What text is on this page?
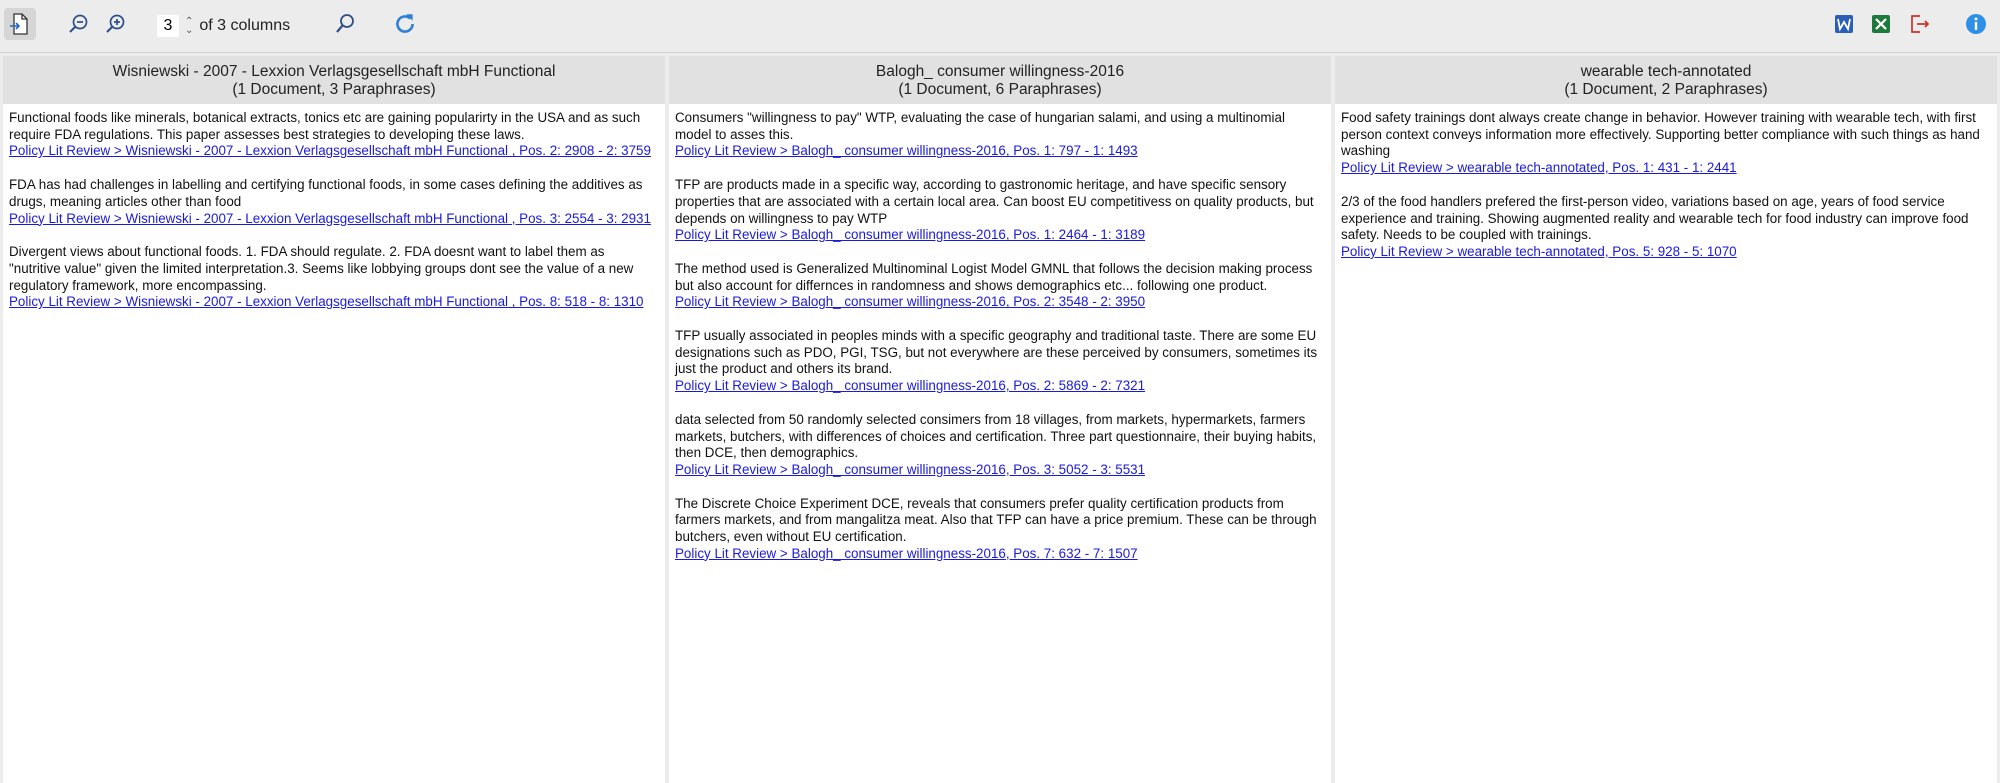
3
⌃
⌄ of 3 columns
Wisniewski - 2007 - Lexxion Verlagsgesellschaft mbH Functional
(1 Document, 3 Paraphrases)
Functional foods like minerals, botanical extracts, tonics etc are gaining popularirty in the USA and as such require FDA regulations. This paper assesses best strategies to developing these laws.
Policy Lit Review > Wisniewski - 2007 - Lexxion Verlagsgesellschaft mbH Functional , Pos. 2: 2908 - 2: 3759
FDA has had challenges in labelling and certifying functional foods, in some cases defining the additives as drugs, meaning articles other than food
Policy Lit Review > Wisniewski - 2007 - Lexxion Verlagsgesellschaft mbH Functional , Pos. 3: 2554 - 3: 2931
Divergent views about functional foods. 1. FDA should regulate. 2. FDA doesnt want to label them as "nutritive value" given the limited interpretation.3. Seems like lobbying groups dont see the value of a new regulatory framework, more encompassing.
Policy Lit Review > Wisniewski - 2007 - Lexxion Verlagsgesellschaft mbH Functional , Pos. 8: 518 - 8: 1310
Balogh_ consumer willingness-2016
(1 Document, 6 Paraphrases)
Consumers "willingness to pay" WTP, evaluating the case of hungarian salami, and using a multinomial model to asses this.
Policy Lit Review > Balogh_ consumer willingness-2016, Pos. 1: 797 - 1: 1493
TFP are products made in a specific way, according to gastronomic heritage, and have specific sensory properties that are associated with a certain local area. Can boost EU competitivess on quality products, but depends on willingness to pay WTP
Policy Lit Review > Balogh_ consumer willingness-2016, Pos. 1: 2464 - 1: 3189
The method used is Generalized Multinominal Logist Model GMNL that follows the decision making process but also account for differnces in randomness and shows demographics etc... following one product.
Policy Lit Review > Balogh_ consumer willingness-2016, Pos. 2: 3548 - 2: 3950
TFP usually associated in peoples minds with a specific geography and traditional taste. There are some EU designations such as PDO, PGI, TSG, but not everywhere are these perceived by consumers, sometimes its just the product and others its brand.
Policy Lit Review > Balogh_ consumer willingness-2016, Pos. 2: 5869 - 2: 7321
data selected from 50 randomly selected consimers from 18 villages, from markets, hypermarkets, farmers markets, butchers, with differences of choices and certification. Three part questionnaire, their buying habits, then DCE, then demographics.
Policy Lit Review > Balogh_ consumer willingness-2016, Pos. 3: 5052 - 3: 5531
The Discrete Choice Experiment DCE, reveals that consumers prefer quality certification products from farmers markets, and from mangalitza meat. Also that TFP can have a price premium. These can be through butchers, even without EU certification.
Policy Lit Review > Balogh_ consumer willingness-2016, Pos. 7: 632 - 7: 1507
wearable tech-annotated
(1 Document, 2 Paraphrases)
Food safety trainings dont always create change in behavior. However training with wearable tech, with first person context conveys information more effectively. Supporting better compliance with such things as hand washing
Policy Lit Review > wearable tech-annotated, Pos. 1: 431 - 1: 2441
2/3 of the food handlers prefered the first-person video, variations based on age, years of food service experience and training. Showing augmented reality and wearable tech for food industry can improve food safety. Needs to be coupled with trainings.
Policy Lit Review > wearable tech-annotated, Pos. 5: 928 - 5: 1070
